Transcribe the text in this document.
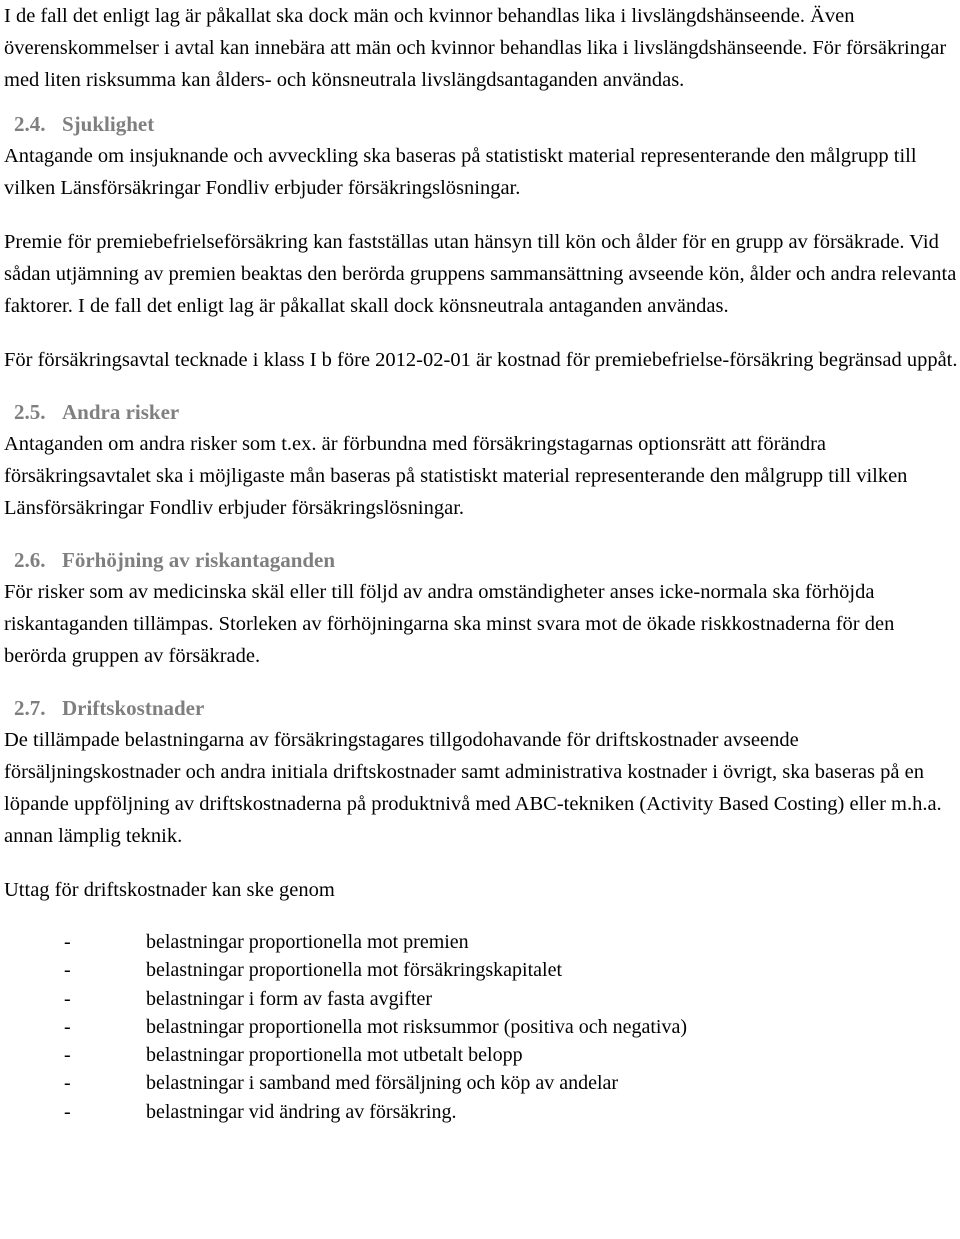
I de fall det enligt lag är påkallat ska dock män och kvinnor behandlas lika i livslängdshänseende. Även överenskommelser i avtal kan innebära att män och kvinnor behandlas lika i livslängdshänseende. För försäkringar med liten risksumma kan ålders- och könsneutrala livslängdsantaganden användas.

2.4. Sjuklighet

Antagande om insjuknande och avveckling ska baseras på statistiskt material representerande den målgrupp till vilken Länsförsäkringar Fondliv erbjuder försäkringslösningar.

Premie för premiebefrielseförsäkring kan fastställas utan hänsyn till kön och ålder för en grupp av försäkrade. Vid sådan utjämning av premien beaktas den berörda gruppens sammansättning avseende kön, ålder och andra relevanta faktorer. I de fall det enligt lag är påkallat skall dock könsneutrala antaganden användas.

För försäkringsavtal tecknade i klass I b före 2012-02-01 är kostnad för premiebefrielse-försäkring begränsad uppåt.

2.5. Andra risker

Antaganden om andra risker som t.ex. är förbundna med försäkringstagarnas optionsrätt att förändra försäkringsavtalet ska i möjligaste mån baseras på statistiskt material representerande den målgrupp till vilken Länsförsäkringar Fondliv erbjuder försäkringslösningar.

2.6. Förhöjning av riskantaganden

För risker som av medicinska skäl eller till följd av andra omständigheter anses icke-normala ska förhöjda riskantaganden tillämpas. Storleken av förhöjningarna ska minst svara mot de ökade riskkostnaderna för den berörda gruppen av försäkrade.

2.7. Driftskostnader

De tillämpade belastningarna av försäkringstagares tillgodohavande för driftskostnader avseende försäljningskostnader och andra initiala driftskostnader samt administrativa kostnader i övrigt, ska baseras på en löpande uppföljning av driftskostnaderna på produktnivå med ABC-tekniken (Activity Based Costing) eller m.h.a. annan lämplig teknik.

Uttag för driftskostnader kan ske genom

-	belastningar proportionella mot premien
-	belastningar proportionella mot försäkringskapitalet
-	belastningar i form av fasta avgifter
-	belastningar proportionella mot risksummor (positiva och negativa)
-	belastningar proportionella mot utbetalt belopp
-	belastningar i samband med försäljning och köp av andelar
-	belastningar vid ändring av försäkring.
